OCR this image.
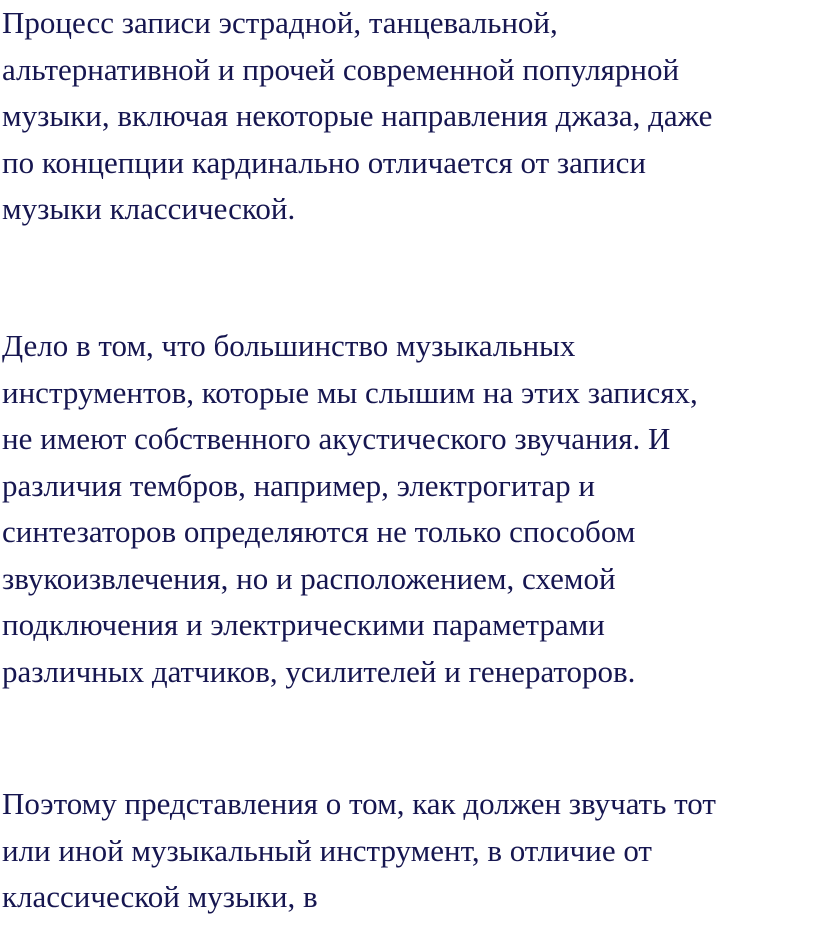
Процесс записи эстрадной, танцевальной,
альтернативной и прочей современной популярной
музыки, включая некоторые направления джаза, даже
по концепции кардинально отличается от записи
музыки классической.

Дело в том, что большинство музыкальных
инструментов, которые мы слышим на этих записях,
не имеют собственного акустического звучания. И
различия тембров, например, электрогитар и
синтезаторов определяются не только способом
звукоизвлечения, но и расположением, схемой
подключения и электрическими параметрами
различных датчиков, усилителей и генераторов.

Поэтому представления о том, как должен звучать тот
или иной музыкальный инструмент, в отличие от
классической музыки, в
